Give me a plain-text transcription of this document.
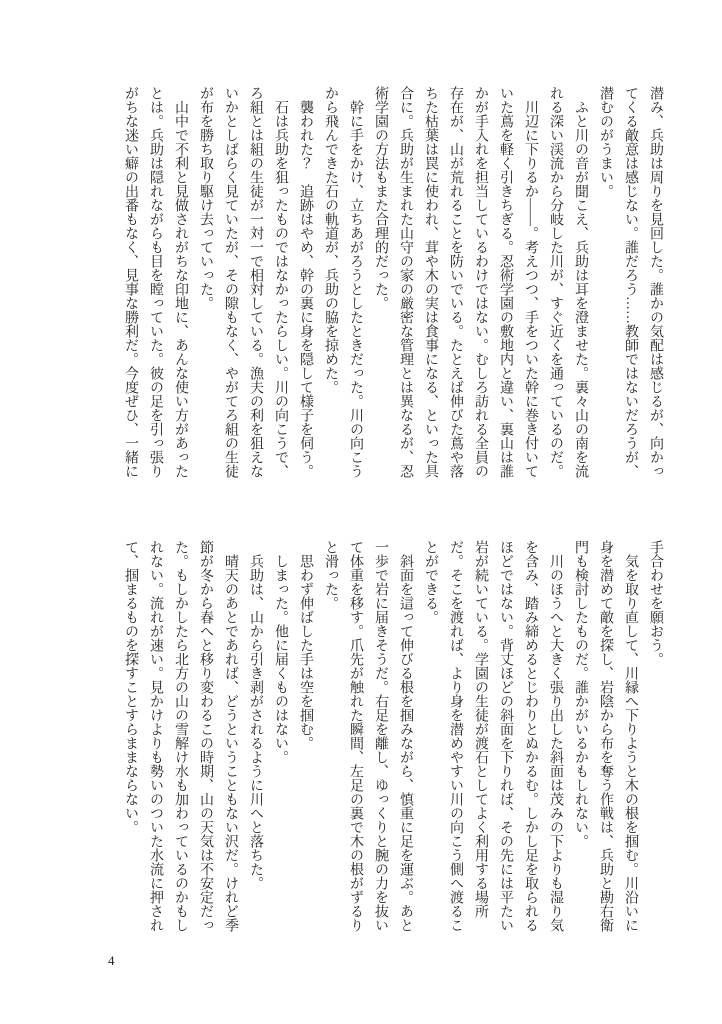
潜み、兵助は周りを見回した。誰かの気配は感じるが、向かってくる敵意は感じない。誰だろう……教師ではないだろうが、潜むのがうまい。

ふと川の音が聞こえ、兵助は耳を澄ませた。裏々山の南を流れる深い渓流から分岐した川が、すぐ近くを通っているのだ。

川辺に下りるか――。考えつつ、手をついた幹に巻き付いていた蔦を軽く引きちぎる。忍術学園の敷地内と違い、裏山は誰かが手入れを担当しているわけではない。むしろ訪れる全員の存在が、山が荒れることを防いでいる。たとえば伸びた蔦や落ちた枯葉は罠に使われ、茸や木の実は食事になる、といった具合に。兵助が生まれた山守の家の厳密な管理とは異なるが、忍術学園の方法もまた合理的だった。

幹に手をかけ、立ちあがろうとしたときだった。川の向こうから飛んできた石の軌道が、兵助の脇を掠めた。

襲われた？　追跡はやめ、幹の裏に身を隠して様子を伺う。

石は兵助を狙ったものではなかったらしい。川の向こうで、ろ組とは組の生徒が一対一で相対している。漁夫の利を狙えないかとしばらく見ていたが、その隙もなく、やがてろ組の生徒が布を勝ち取り駆け去っていった。

山中で不利と見做されがちな印地に、あんな使い方があったとは。兵助は隠れながらも目を瞠っていた。彼の足を引っ張りがちな迷い癖の出番もなく、見事な勝利だ。今度ぜひ、一緒に

手合わせを願おう。

気を取り直して、川縁へ下りようと木の根を掴む。川沿いに身を潜めて敵を探し、岩陰から布を奪う作戦は、兵助と勘右衛門も検討したものだ。誰かがいるかもしれない。

川のほうへと大きく張り出した斜面は茂みの下よりも湿り気を含み、踏み締めるとじわりとぬかるむ。しかし足を取られるほどではない。背丈ほどの斜面を下りれば、その先には平たい岩が続いている。学園の生徒が渡石としてよく利用する場所だ。そこを渡れば、より身を潜めやすい川の向こう側へ渡ることができる。

斜面を這って伸びる根を掴みながら、慎重に足を運ぶ。あと一歩で岩に届きそうだ。右足を離し、ゆっくりと腕の力を抜いて体重を移す。爪先が触れた瞬間、左足の裏で木の根がずるりと滑った。

思わず伸ばした手は空を掴む。

しまった。他に届くものはない。

兵助は、山から引き剥がされるように川へと落ちた。

晴天のあとであれば、どうということもない沢だ。けれど季節が冬から春へと移り変わるこの時期、山の天気は不安定だった。もしかしたら北方の山の雪解け水も加わっているのかもしれない。流れが速い。見かけよりも勢いのついた水流に押されて、掴まるものを探すことすらままならない。

4
